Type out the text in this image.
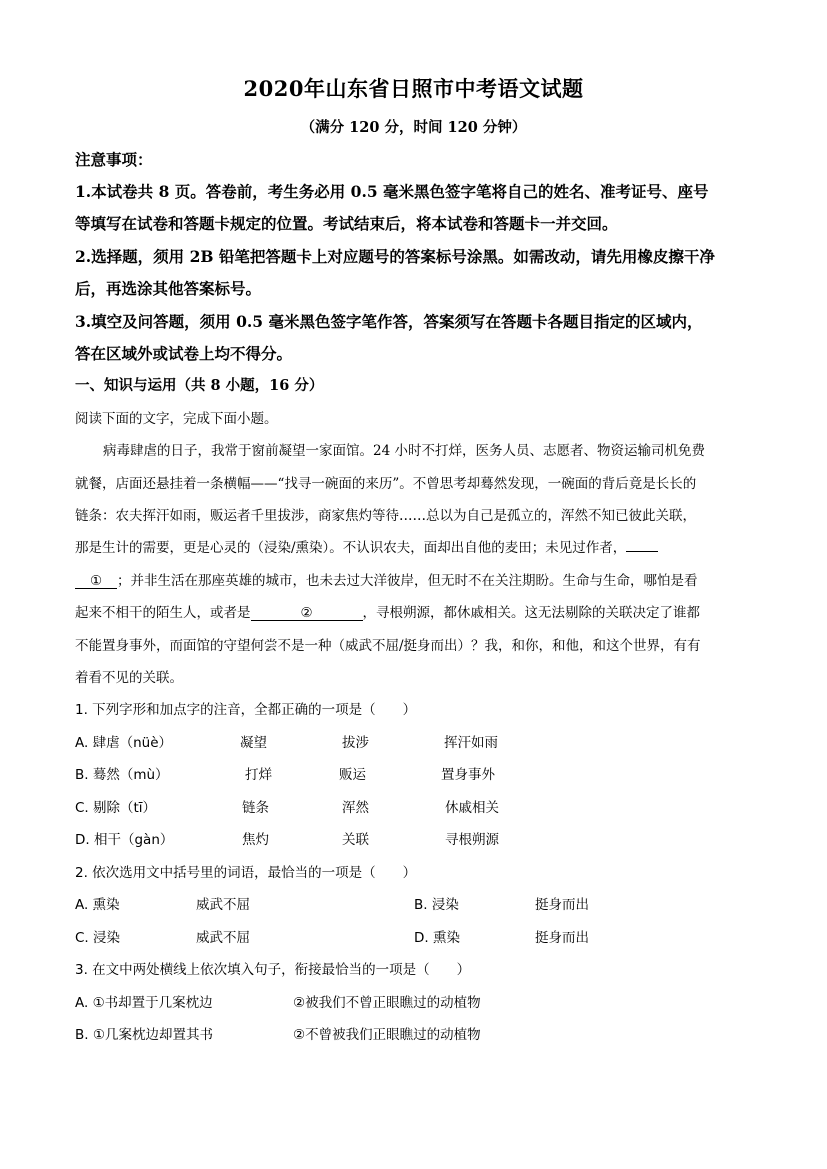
2020年山东省日照市中考语文试题
（满分 120 分，时间 120 分钟）
注意事项：
1.本试卷共 8 页。答卷前，考生务必用 0.5 毫米黑色签字笔将自己的姓名、准考证号、座号
等填写在试卷和答题卡规定的位置。考试结束后，将本试卷和答题卡一并交回。
2.选择题，须用 2B 铅笔把答题卡上对应题号的答案标号涂黑。如需改动，请先用橡皮擦干净
后，再选涂其他答案标号。
3.填空及问答题，须用 0.5 毫米黑色签字笔作答，答案须写在答题卡各题目指定的区域内，
答在区域外或试卷上均不得分。
一、知识与运用（共 8 小题，16 分）
阅读下面的文字，完成下面小题。
病毒肆虐的日子，我常于窗前凝望一家面馆。24 小时不打烊，医务人员、志愿者、物资运输司机免费
就餐，店面还悬挂着一条横幅——“找寻一碗面的来历”。不曾思考却蓦然发现，一碗面的背后竟是长长的
链条：农夫挥汗如雨，贩运者千里拔涉，商家焦灼等待……总以为自己是孤立的，浑然不知已彼此关联，
那是生计的需要，更是心灵的（浸染/熏染）。不认识农夫，面却出自他的麦田；未见过作者，
① ；并非生活在那座英雄的城市，也未去过大洋彼岸，但无时不在关注期盼。生命与生命，哪怕是看
起来不相干的陌生人，或者是	②	，寻根朔源，都休戚相关。这无法剔除的关联决定了谁都
不能置身事外，而面馆的守望何尝不是一种（威武不屈/挺身而出）？我，和你，和他，和这个世界，有有
着看不见的关联。
1. 下列字形和加点字的注音，全都正确的一项是（　　）
A. 肆虐（nüè）	凝望	拔涉	挥汗如雨
B. 蓦然（mù）	打烊	贩运	置身事外
C. 剔除（tī）	链条	浑然	休戚相关
D. 相干（gàn）	焦灼	关联	寻根朔源
2. 依次选用文中括号里的词语，最恰当的一项是（　　）
A. 熏染	威武不屈	B. 浸染	挺身而出
C. 浸染	威武不屈	D. 熏染	挺身而出
3. 在文中两处横线上依次填入句子，衔接最恰当的一项是（　　）
A. ①书却置于几案枕边	②被我们不曾正眼瞧过的动植物
B. ①几案枕边却置其书	②不曾被我们正眼瞧过的动植物
